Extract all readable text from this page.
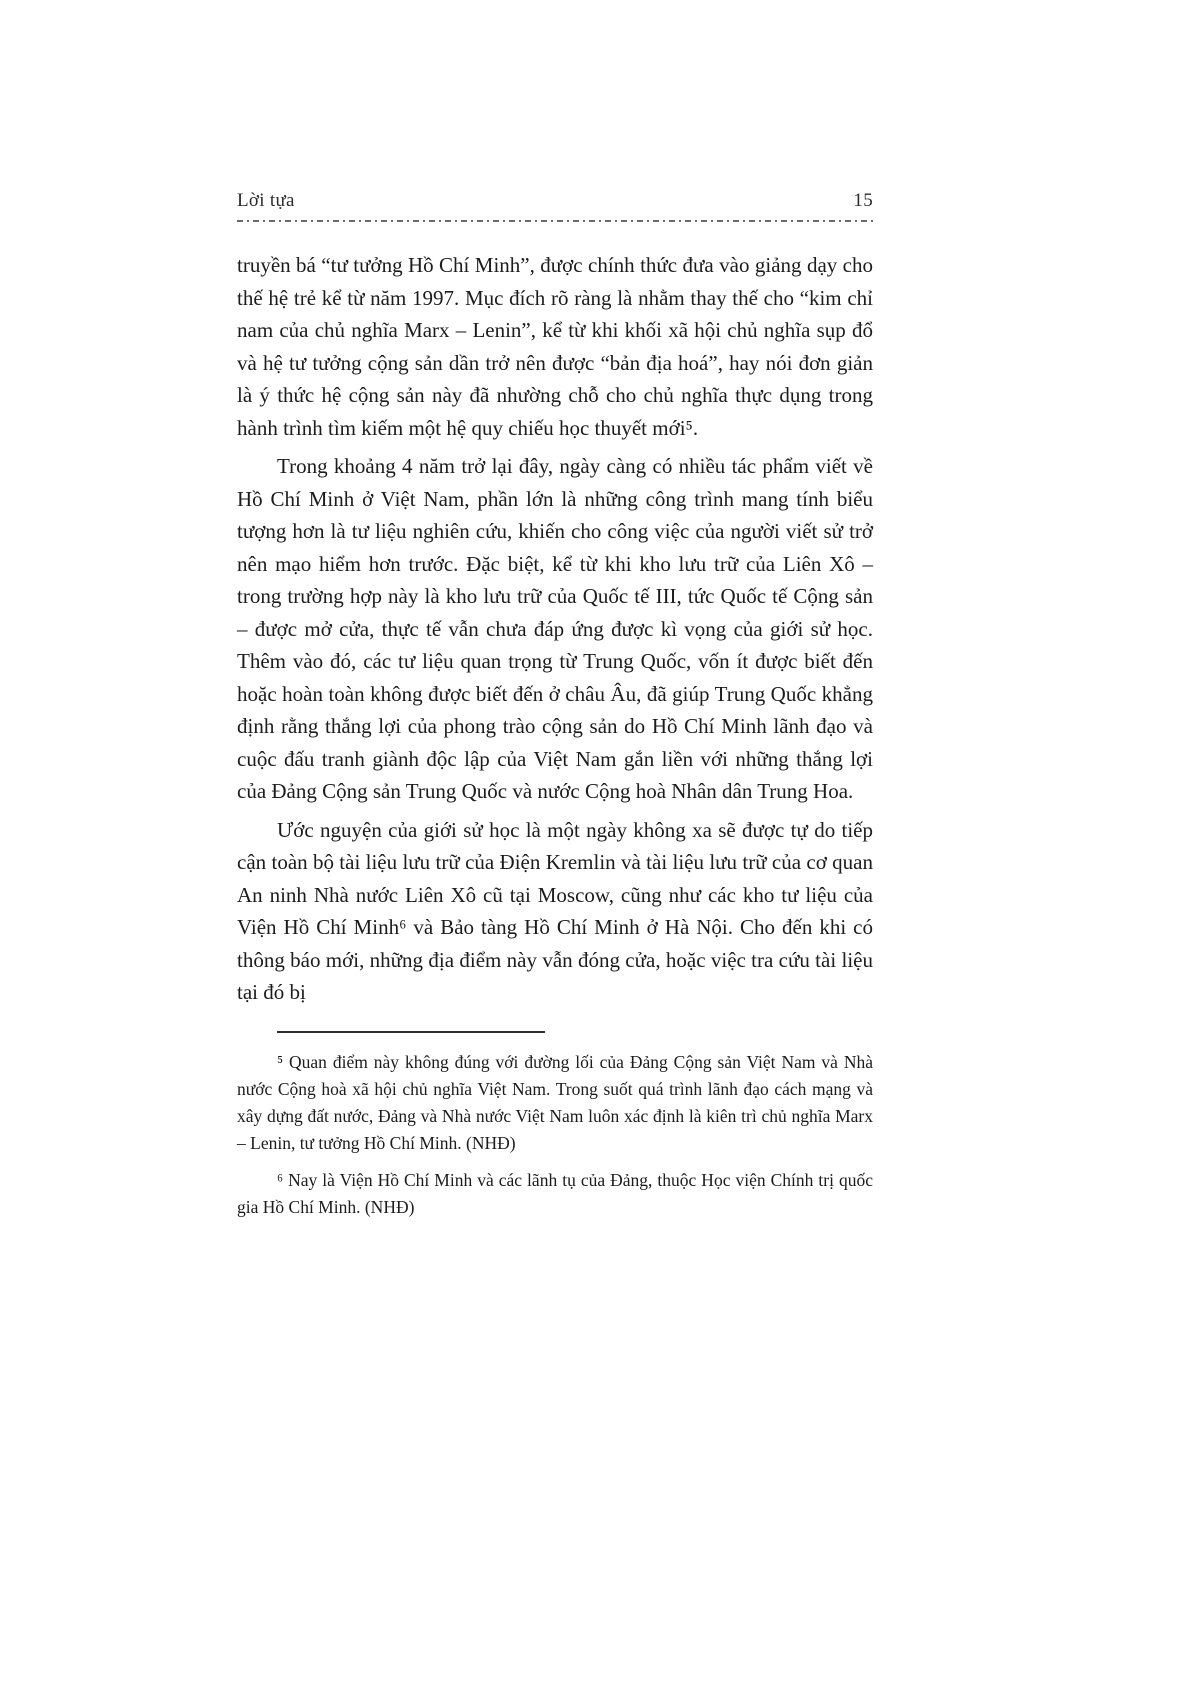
Lời tựa	15

truyền bá “tư tưởng Hồ Chí Minh”, được chính thức đưa vào giảng dạy cho thế hệ trẻ kể từ năm 1997. Mục đích rõ ràng là nhằm thay thế cho “kim chỉ nam của chủ nghĩa Marx – Lenin”, kể từ khi khối xã hội chủ nghĩa sụp đổ và hệ tư tưởng cộng sản dần trở nên được “bản địa hoá”, hay nói đơn giản là ý thức hệ cộng sản này đã nhường chỗ cho chủ nghĩa thực dụng trong hành trình tìm kiếm một hệ quy chiếu học thuyết mới⁵.

Trong khoảng 4 năm trở lại đây, ngày càng có nhiều tác phẩm viết về Hồ Chí Minh ở Việt Nam, phần lớn là những công trình mang tính biểu tượng hơn là tư liệu nghiên cứu, khiến cho công việc của người viết sử trở nên mạo hiểm hơn trước. Đặc biệt, kể từ khi kho lưu trữ của Liên Xô – trong trường hợp này là kho lưu trữ của Quốc tế III, tức Quốc tế Cộng sản – được mở cửa, thực tế vẫn chưa đáp ứng được kì vọng của giới sử học. Thêm vào đó, các tư liệu quan trọng từ Trung Quốc, vốn ít được biết đến hoặc hoàn toàn không được biết đến ở châu Âu, đã giúp Trung Quốc khẳng định rằng thắng lợi của phong trào cộng sản do Hồ Chí Minh lãnh đạo và cuộc đấu tranh giành độc lập của Việt Nam gắn liền với những thắng lợi của Đảng Cộng sản Trung Quốc và nước Cộng hoà Nhân dân Trung Hoa.

Ước nguyện của giới sử học là một ngày không xa sẽ được tự do tiếp cận toàn bộ tài liệu lưu trữ của Điện Kremlin và tài liệu lưu trữ của cơ quan An ninh Nhà nước Liên Xô cũ tại Moscow, cũng như các kho tư liệu của Viện Hồ Chí Minh⁶ và Bảo tàng Hồ Chí Minh ở Hà Nội. Cho đến khi có thông báo mới, những địa điểm này vẫn đóng cửa, hoặc việc tra cứu tài liệu tại đó bị

⁵ Quan điểm này không đúng với đường lối của Đảng Cộng sản Việt Nam và Nhà nước Cộng hoà xã hội chủ nghĩa Việt Nam. Trong suốt quá trình lãnh đạo cách mạng và xây dựng đất nước, Đảng và Nhà nước Việt Nam luôn xác định là kiên trì chủ nghĩa Marx – Lenin, tư tưởng Hồ Chí Minh. (NHĐ)

⁶ Nay là Viện Hồ Chí Minh và các lãnh tụ của Đảng, thuộc Học viện Chính trị quốc gia Hồ Chí Minh. (NHĐ)
